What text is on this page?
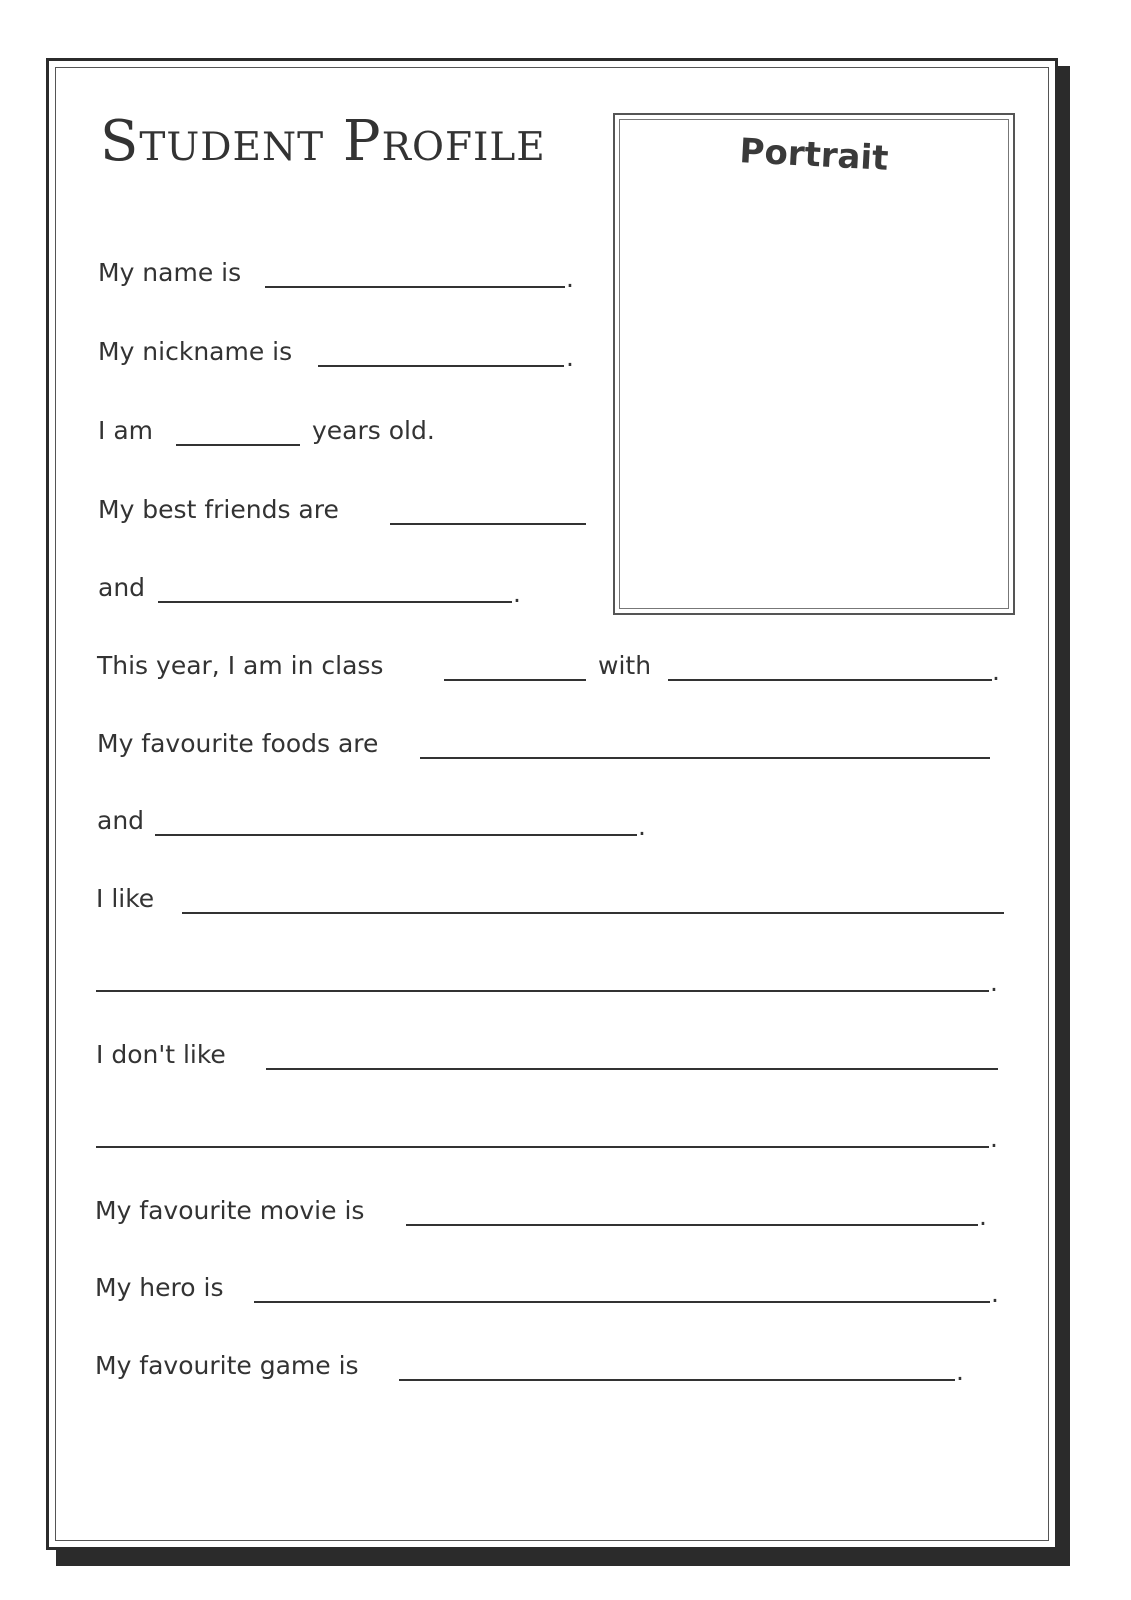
Student Profile	Portrait
My name is	.
My nickname is	.
I am	years old.
My best friends are
and	.
This year, I am in class	with	.
My favourite foods are
and	.
I like
.
I don't like
.
My favourite movie is	.
My hero is	.
My favourite game is	.
